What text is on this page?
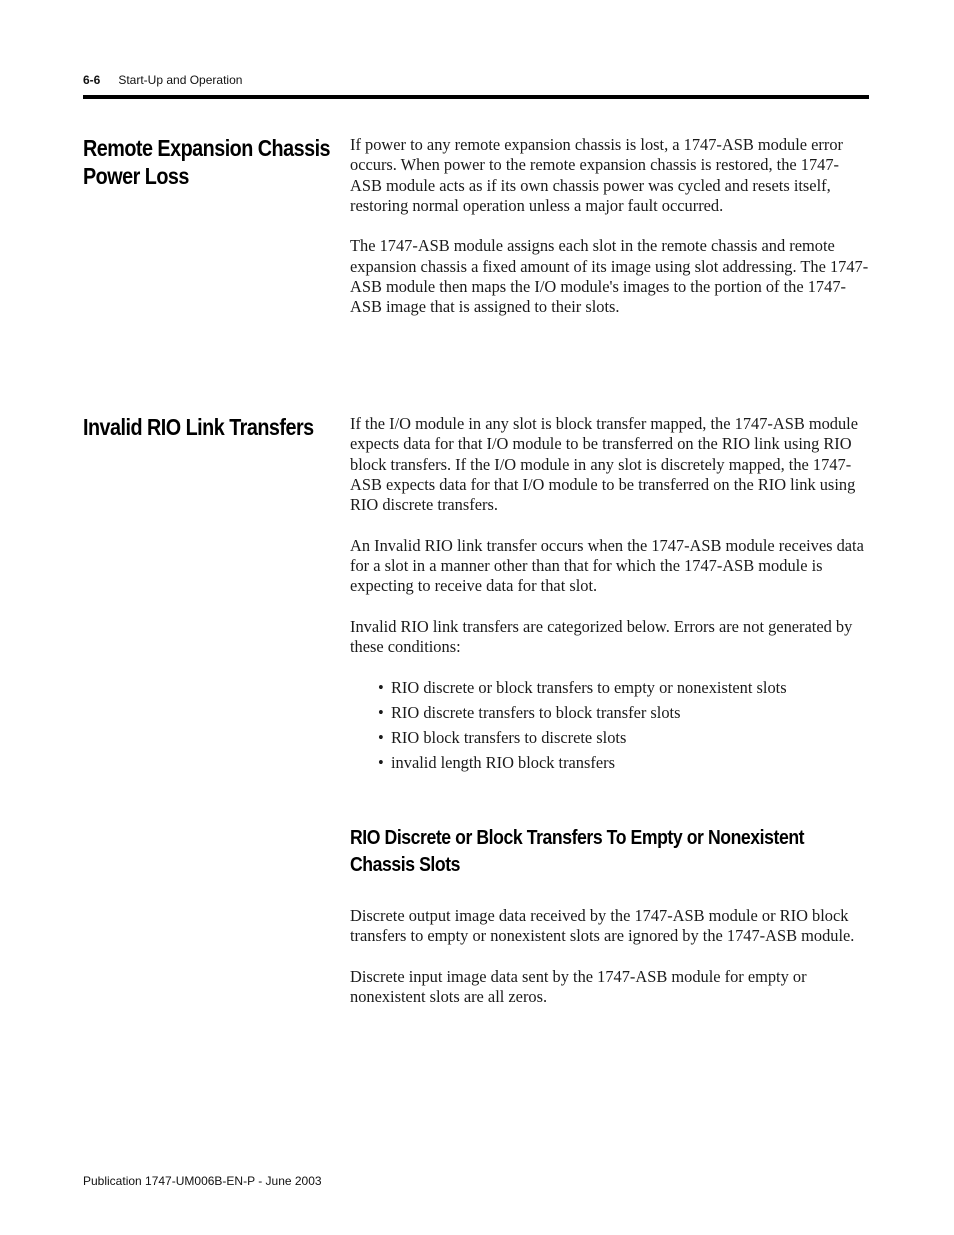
6-6 Start-Up and Operation
Remote Expansion Chassis Power Loss

If power to any remote expansion chassis is lost, a 1747-ASB module error occurs. When power to the remote expansion chassis is restored, the 1747-ASB module acts as if its own chassis power was cycled and resets itself, restoring normal operation unless a major fault occurred.

The 1747-ASB module assigns each slot in the remote chassis and remote expansion chassis a fixed amount of its image using slot addressing. The 1747-ASB module then maps the I/O module's images to the portion of the 1747-ASB image that is assigned to their slots.

Invalid RIO Link Transfers	If the I/O module in any slot is block transfer mapped, the 1747-ASB module expects data for that I/O module to be transferred on the RIO link using RIO block transfers. If the I/O module in any slot is discretely mapped, the 1747-ASB expects data for that I/O module to be transferred on the RIO link using RIO discrete transfers.

An Invalid RIO link transfer occurs when the 1747-ASB module receives data for a slot in a manner other than that for which the 1747-ASB module is expecting to receive data for that slot.

Invalid RIO link transfers are categorized below. Errors are not generated by these conditions:

• RIO discrete or block transfers to empty or nonexistent slots
• RIO discrete transfers to block transfer slots
• RIO block transfers to discrete slots
• invalid length RIO block transfers
RIO Discrete or Block Transfers To Empty or Nonexistent Chassis Slots

Discrete output image data received by the 1747-ASB module or RIO block transfers to empty or nonexistent slots are ignored by the 1747-ASB module.

Discrete input image data sent by the 1747-ASB module for empty or nonexistent slots are all zeros.

Publication 1747-UM006B-EN-P - June 2003
